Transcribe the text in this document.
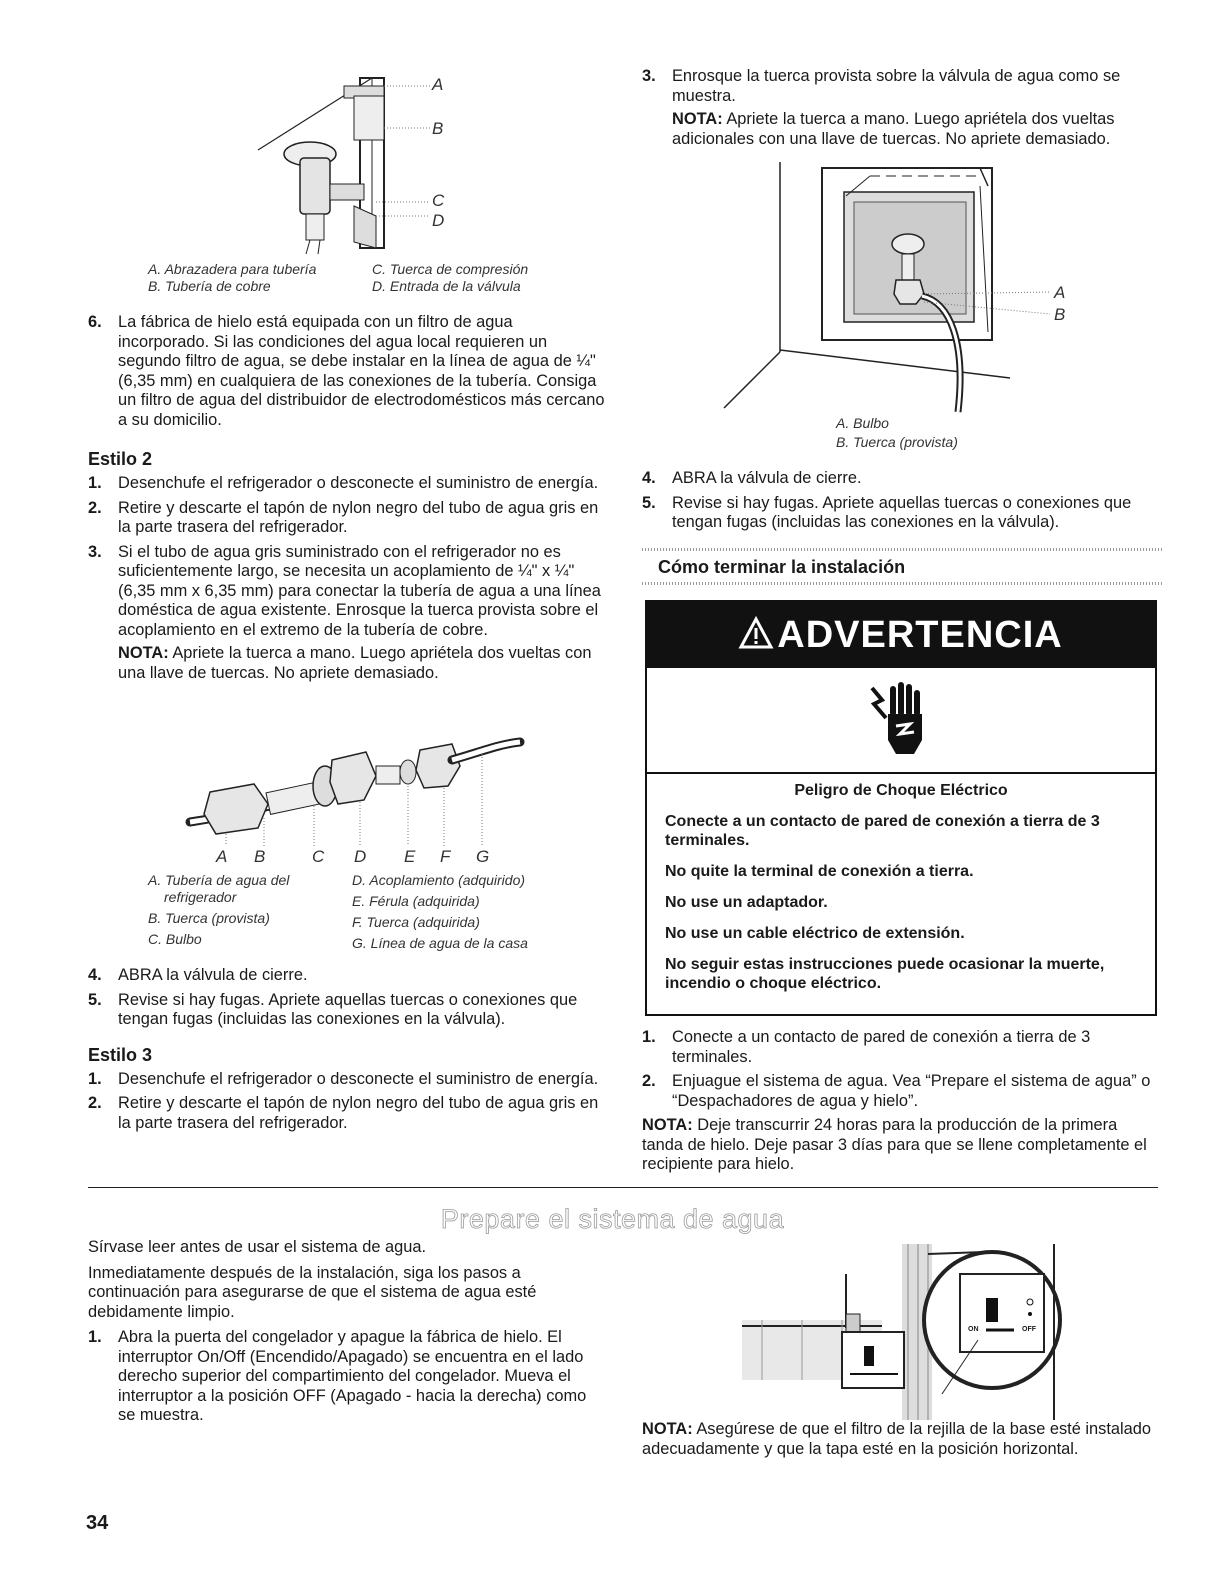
A
B
C
D
A. Abrazadera para tubería	C. Tuerca de compresión
B. Tubería de cobre	D. Entrada de la válvula
6. La fábrica de hielo está equipada con un filtro de agua incorporado. Si las condiciones del agua local requieren un segundo filtro de agua, se debe instalar en la línea de agua de ¼" (6,35 mm) en cualquiera de las conexiones de la tubería. Consiga un filtro de agua del distribuidor de electrodomésticos más cercano a su domicilio.
Estilo 2
1. Desenchufe el refrigerador o desconecte el suministro de energía.
2. Retire y descarte el tapón de nylon negro del tubo de agua gris en la parte trasera del refrigerador.
3. Si el tubo de agua gris suministrado con el refrigerador no es suficientemente largo, se necesita un acoplamiento de ¼" x ¼" (6,35 mm x 6,35 mm) para conectar la tubería de agua a una línea doméstica de agua existente. Enrosque la tuerca provista sobre el acoplamiento en el extremo de la tubería de cobre.

NOTA: Apriete la tuerca a mano. Luego apriétela dos vueltas con una llave de tuercas. No apriete demasiado.

A B	C D E F G
A. Tubería de agua del
refrigerador
B. Tuerca (provista)
C. Bulbo
D. Acoplamiento (adquirido)
E. Férula (adquirida)
F. Tuerca (adquirida)
G. Línea de agua de la casa
4. ABRA la válvula de cierre.
5. Revise si hay fugas. Apriete aquellas tuercas o conexiones que tengan fugas (incluidas las conexiones en la válvula).
Estilo 3
1. Desenchufe el refrigerador o desconecte el suministro de energía.
2. Retire y descarte el tapón de nylon negro del tubo de agua gris en la parte trasera del refrigerador.
3. Enrosque la tuerca provista sobre la válvula de agua como se muestra.

NOTA: Apriete la tuerca a mano. Luego apriétela dos vueltas adicionales con una llave de tuercas. No apriete demasiado.

A
B
A. Bulbo
B. Tuerca (provista)
4. ABRA la válvula de cierre.
5. Revise si hay fugas. Apriete aquellas tuercas o conexiones que tengan fugas (incluidas las conexiones en la válvula).
Cómo terminar la instalación
ADVERTENCIA
Peligro de Choque Eléctrico
Conecte a un contacto de pared de conexión a tierra de 3 terminales.
No quite la terminal de conexión a tierra.
No use un adaptador.
No use un cable eléctrico de extensión.
No seguir estas instrucciones puede ocasionar la muerte, incendio o choque eléctrico.
1. Conecte a un contacto de pared de conexión a tierra de 3 terminales.
2. Enjuague el sistema de agua. Vea “Prepare el sistema de agua” o “Despachadores de agua y hielo”.

NOTA: Deje transcurrir 24 horas para la producción de la primera tanda de hielo. Deje pasar 3 días para que se llene completamente el recipiente para hielo.

Prepare el sistema de agua

Sírvase leer antes de usar el sistema de agua.

Inmediatamente después de la instalación, siga los pasos a continuación para asegurarse de que el sistema de agua esté debidamente limpio.

1. Abra la puerta del congelador y apague la fábrica de hielo. El interruptor On/Off (Encendido/Apagado) se encuentra en el lado derecho superior del compartimiento del congelador. Mueva el interruptor a la posición OFF (Apagado - hacia la derecha) como se muestra.
ON	OFF

NOTA: Asegúrese de que el filtro de la rejilla de la base esté instalado adecuadamente y que la tapa esté en la posición horizontal.

34
